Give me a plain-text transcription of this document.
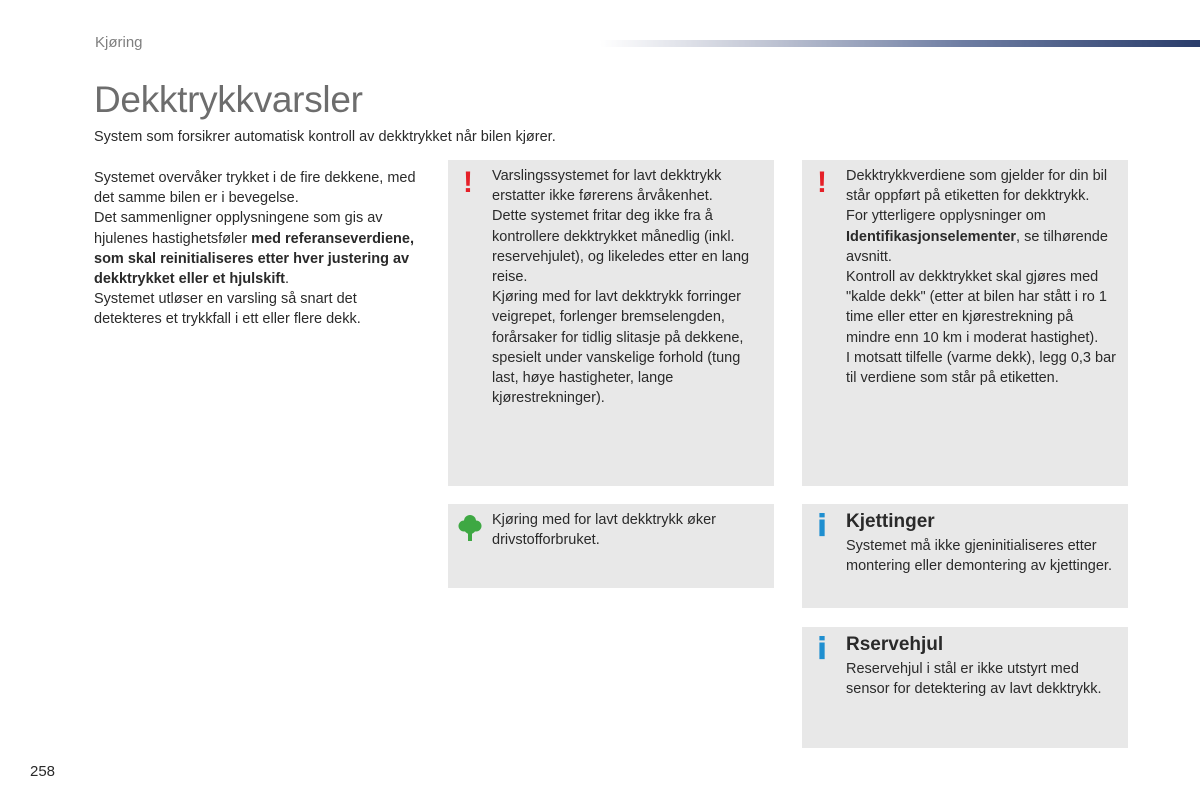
Kjøring
Dekktrykkvarsler

System som forsikrer automatisk kontroll av dekktrykket når bilen kjører.

Systemet overvåker trykket i de fire dekkene, med det samme bilen er i bevegelse.

Det sammenligner opplysningene som gis av hjulenes hastighetsføler med referanseverdiene, som skal reinitialiseres etter hver justering av dekktrykket eller et hjulskift.

Systemet utløser en varsling så snart det detekteres et trykkfall i ett eller flere dekk.

!	Varslingssystemet for lavt dekktrykk erstatter ikke førerens årvåkenhet.

Dette systemet fritar deg ikke fra å kontrollere dekktrykket månedlig (inkl. reservehjulet), og likeledes etter en lang reise.

Kjøring med for lavt dekktrykk forringer veigrepet, forlenger bremselengden, forårsaker for tidlig slitasje på dekkene, spesielt under vanskelige forhold (tung last, høye hastigheter, lange kjørestrekninger).

!	Dekktrykkverdiene som gjelder for din bil står oppført på etiketten for dekktrykk.

For ytterligere opplysninger om Identifikasjonselementer, se tilhørende avsnitt.

Kontroll av dekktrykket skal gjøres med "kalde dekk" (etter at bilen har stått i ro 1 time eller etter en kjørestrekning på mindre enn 10 km i moderat hastighet).

I motsatt tilfelle (varme dekk), legg 0,3 bar til verdiene som står på etiketten.

Kjøring med for lavt dekktrykk øker drivstofforbruket.	i Kjettinger

Systemet må ikke gjeninitialiseres etter montering eller demontering av kjettinger.

i Rservehjul

Reservehjul i stål er ikke utstyrt med sensor for detektering av lavt dekktrykk.

258
